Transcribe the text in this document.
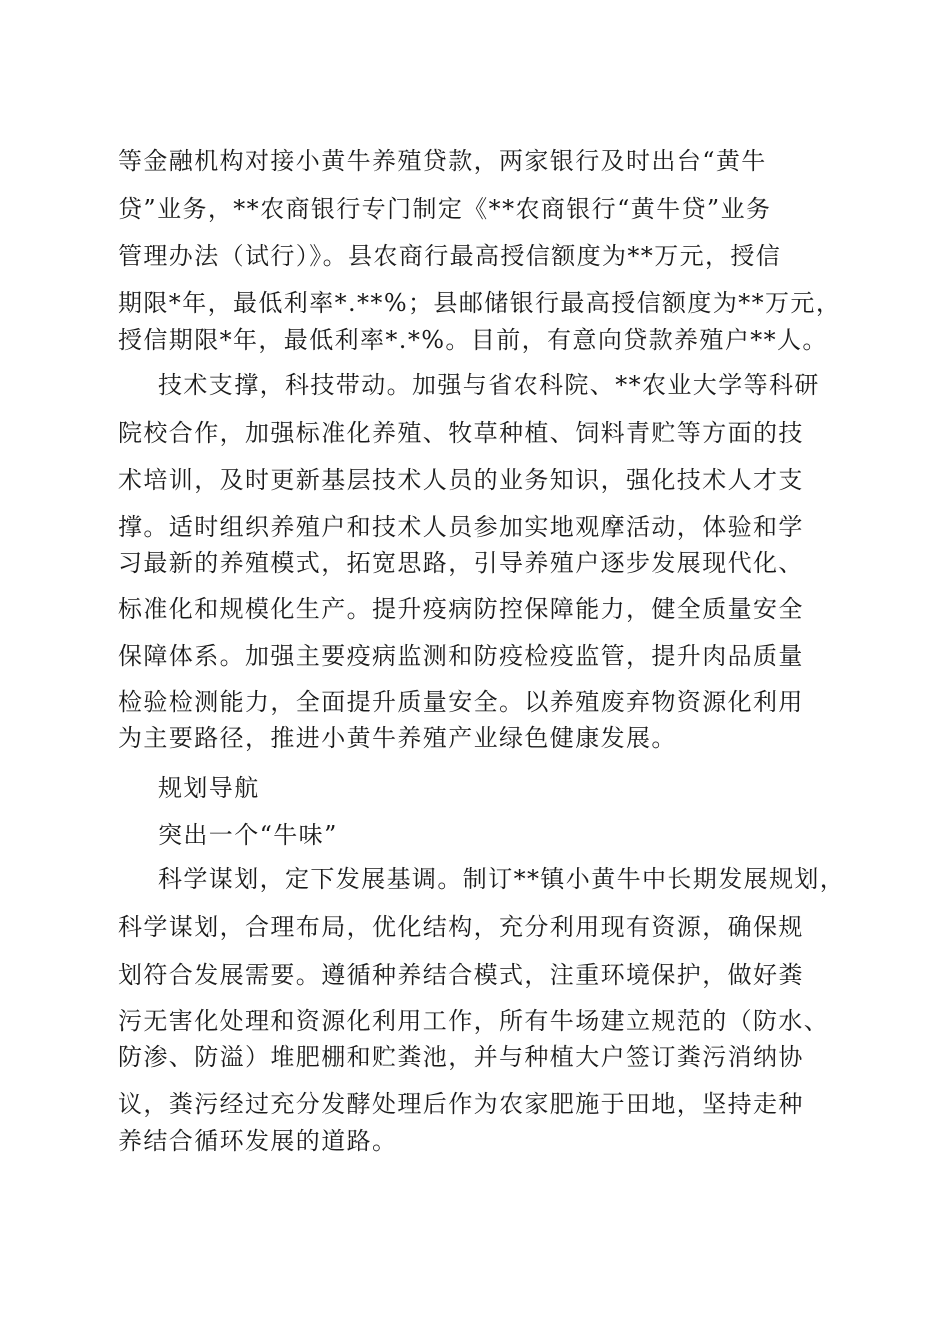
等金融机构对接小黄牛养殖贷款，两家银行及时出台“黄牛
贷”业务，**农商银行专门制定《**农商银行“黄牛贷”业务
管理办法（试行）》。县农商行最高授信额度为**万元，授信
期限*年，最低利率*.**%；县邮储银行最高授信额度为**万元，
授信期限*年，最低利率*.*%。目前，有意向贷款养殖户**人。
技术支撑，科技带动。加强与省农科院、**农业大学等科研
院校合作，加强标准化养殖、牧草种植、饲料青贮等方面的技
术培训，及时更新基层技术人员的业务知识，强化技术人才支
撑。适时组织养殖户和技术人员参加实地观摩活动，体验和学
习最新的养殖模式，拓宽思路，引导养殖户逐步发展现代化、
标准化和规模化生产。提升疫病防控保障能力，健全质量安全
保障体系。加强主要疫病监测和防疫检疫监管，提升肉品质量
检验检测能力，全面提升质量安全。以养殖废弃物资源化利用
为主要路径，推进小黄牛养殖产业绿色健康发展。
规划导航
突出一个“牛味”
科学谋划，定下发展基调。制订**镇小黄牛中长期发展规划，
科学谋划，合理布局，优化结构，充分利用现有资源，确保规
划符合发展需要。遵循种养结合模式，注重环境保护，做好粪
污无害化处理和资源化利用工作，所有牛场建立规范的（防水、
防渗、防溢）堆肥棚和贮粪池，并与种植大户签订粪污消纳协
议，粪污经过充分发酵处理后作为农家肥施于田地，坚持走种
养结合循环发展的道路。
